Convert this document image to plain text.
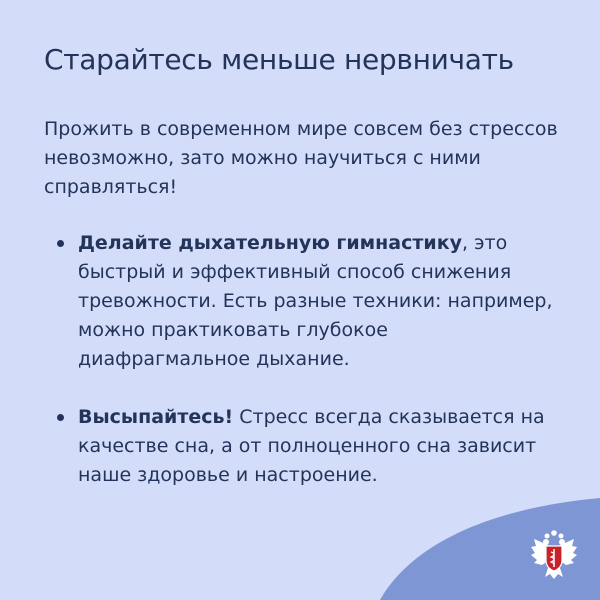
Старайтесь меньше нервничать

Прожить в современном мире совсем без стрессов невозможно, зато можно научиться с ними справляться!

Делайте дыхательную гимнастику, это быстрый и эффективный способ снижения тревожности. Есть разные техники: например, можно практиковать глубокое диафрагмальное дыхание.
Высыпайтесь! Стресс всегда сказывается на качестве сна, а от полноценного сна зависит наше здоровье и настроение.
